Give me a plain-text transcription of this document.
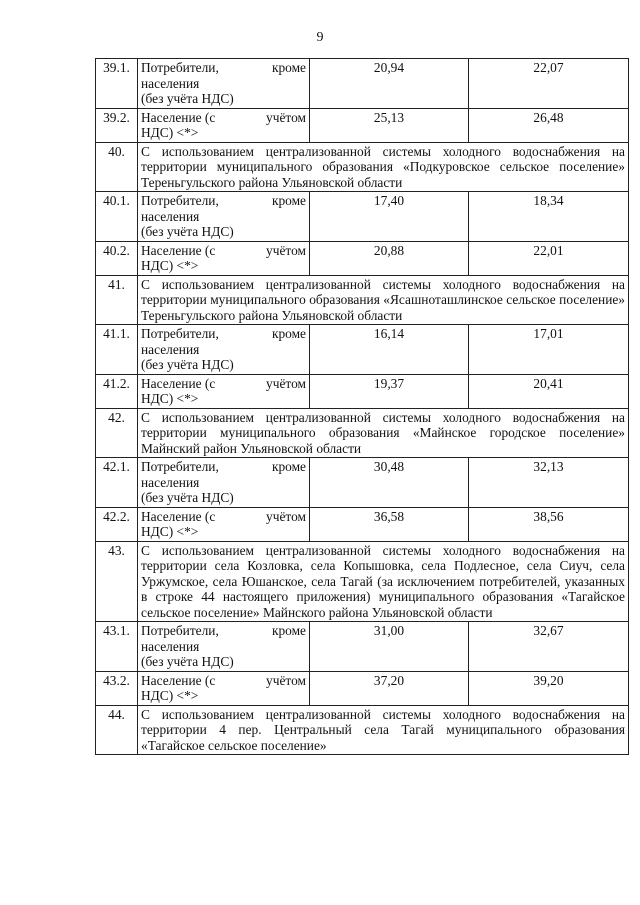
9
39.1.	Потребители, кроме
населения
(без учёта НДС)	20,94	22,07
39.2.	Население (с учётом
НДС) <*>	25,13	26,48
40.	С использованием централизованной системы холодного водоснабжения на территории муниципального образования «Подкуровское сельское поселение» Тереньгульского района Ульяновской области		
40.1.	Потребители, кроме
населения
(без учёта НДС)	17,40	18,34
40.2.	Население (с учётом
НДС) <*>	20,88	22,01
41.	С использованием централизованной системы холодного водоснабжения на территории муниципального образования «Ясашноташлинское сельское поселение» Тереньгульского района Ульяновской области		
41.1.	Потребители, кроме
населения
(без учёта НДС)	16,14	17,01
41.2.	Население (с учётом
НДС) <*>	19,37	20,41
42.	С использованием централизованной системы холодного водоснабжения на территории муниципального образования «Майнское городское поселение» Майнский район Ульяновской области		
42.1.	Потребители, кроме
населения
(без учёта НДС)	30,48	32,13
42.2.	Население (с учётом
НДС) <*>	36,58	38,56
43.	С использованием централизованной системы холодного водоснабжения на территории села Козловка, села Копышовка, села Подлесное, села Сиуч, села Уржумское, села Юшанское, села Тагай (за исключением потребителей, указанных в строке 44 настоящего приложения) муниципального образования «Тагайское сельское поселение» Майнского района Ульяновской области		
43.1.	Потребители, кроме
населения
(без учёта НДС)	31,00	32,67
43.2.	Население (с учётом
НДС) <*>	37,20	39,20
44.	С использованием централизованной системы холодного водоснабжения на территории 4 пер. Центральный села Тагай муниципального образования «Тагайское сельское поселение»		
